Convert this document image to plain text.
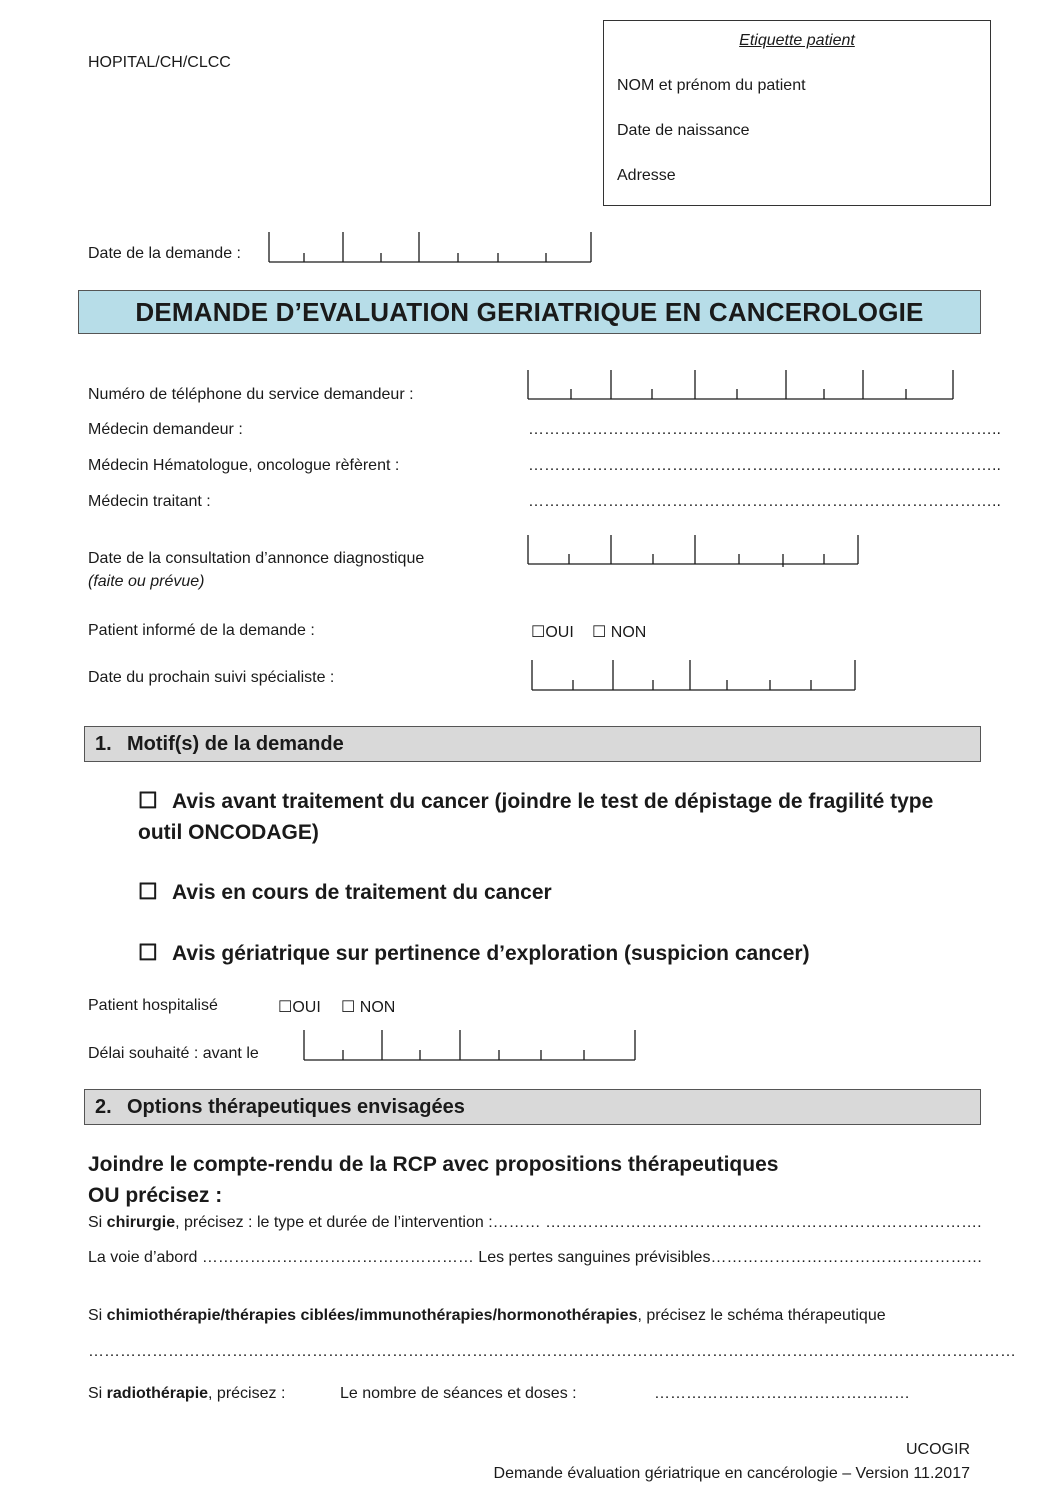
HOPITAL/CH/CLCC
Etiquette patient
NOM et prénom du patient
Date de naissance
Adresse
Date de la demande :
DEMANDE D’EVALUATION GERIATRIQUE EN CANCEROLOGIE
Numéro de téléphone du service demandeur :
Médecin demandeur :	……………………………………………………………………………..
Médecin Hématologue, oncologue rèfèrent :	……………………………………………………………………………..
Médecin traitant :	……………………………………………………………………………..
Date de la consultation d’annonce diagnostique
(faite ou prévue)
Patient informé de la demande :	☐OUI ☐ NON
Date du prochain suivi spécialiste :
1. Motif(s) de la demande
☐ Avis avant traitement du cancer (joindre le test de dépistage de fragilité type
outil ONCODAGE)
☐ Avis en cours de traitement du cancer
☐ Avis gériatrique sur pertinence d’exploration (suspicion cancer)
Patient hospitalisé	☐OUI ☐ NON
Délai souhaité : avant le
2. Options thérapeutiques envisagées
Joindre le compte-rendu de la RCP avec propositions thérapeutiques
OU précisez :
Si chirurgie, précisez : le type et durée de l’intervention :……… ……………………………………………………………………….
La voie d’abord …………………………………………… Les pertes sanguines prévisibles……………………………………………
Si chimiothérapie/thérapies ciblées/immunothérapies/hormonothérapies, précisez le schéma thérapeutique
…………………………………………………………………………………………………………………………………………………………
Si radiothérapie, précisez :	Le nombre de séances et doses :	…………………………………………
UCOGIR
Demande évaluation gériatrique en cancérologie – Version 11.2017
